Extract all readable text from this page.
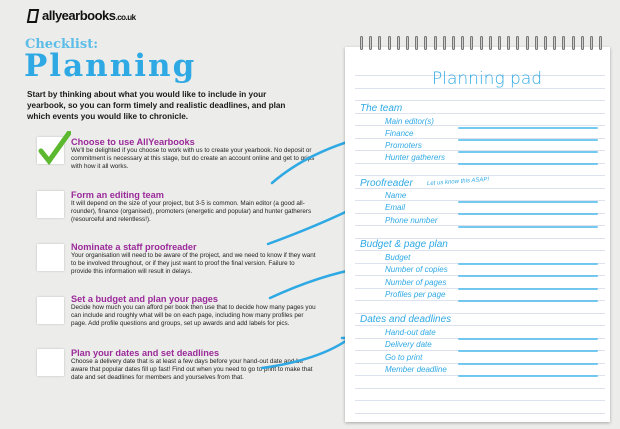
allyearbooks.co.uk
Checklist:
Planning
Start by thinking about what you would like to include in your yearbook, so you can form timely and realistic deadlines, and plan which events you would like to chronicle.
Choose to use AllYearbooks
We'll be delighted if you choose to work with us to create your yearbook. No deposit or commitment is necessary at this stage, but do create an account online and get to grips with how it all works.
Form an editing team
It will depend on the size of your project, but 3-5 is common. Main editor (a good all-rounder), finance (organised), promoters (energetic and popular) and hunter gatherers (resourceful and relentless!).
Nominate a staff proofreader
Your organisation will need to be aware of the project, and we need to know if they want to be involved throughout, or if they just want to proof the final version. Failure to provide this information will result in delays.
Set a budget and plan your pages
Decide how much you can afford per book then use that to decide how many pages you can include and roughly what will be on each page, including how many profiles per page. Add profile questions and groups, set up awards and add labels for pics.
Plan your dates and set deadlines
Choose a delivery date that is at least a few days before your hand-out date and be aware that popular dates fill up fast! Find out when you need to go to print to make that date and set deadlines for members and yourselves from that.
Planning pad
The team
Main editor(s)
Finance
Promoters
Hunter gatherers
Proofreader Let us know this ASAP!
Name
Email
Phone number
Budget & page plan
Budget
Number of copies
Number of pages
Profiles per page
Dates and deadlines
Hand-out date
Delivery date
Go to print
Member deadline
